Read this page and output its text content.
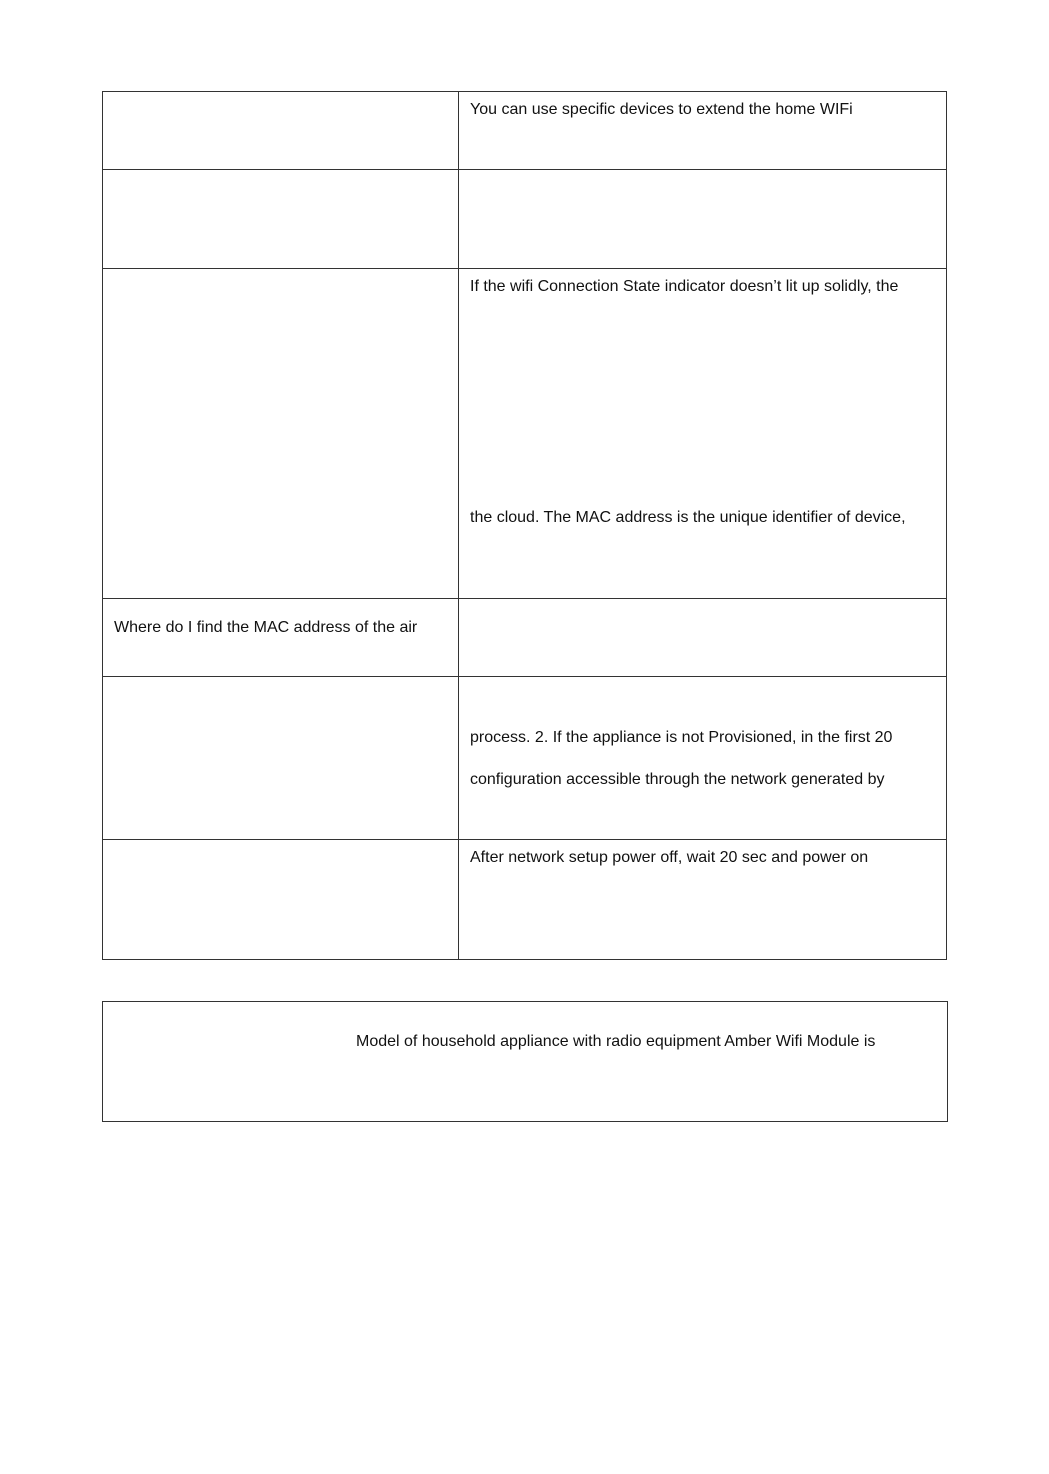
You can use specific devices to extend the home WIFi
If the wifi Connection State indicator doesn’t lit up solidly, the
the cloud. The MAC address is the unique identifier of device,
Where do I find the MAC address of the air
process. 2. If the appliance is not Provisioned, in the first 20
configuration accessible through the network generated by
After network setup power off, wait 20 sec and power on
Model of household appliance with radio equipment Amber Wifi Module is
